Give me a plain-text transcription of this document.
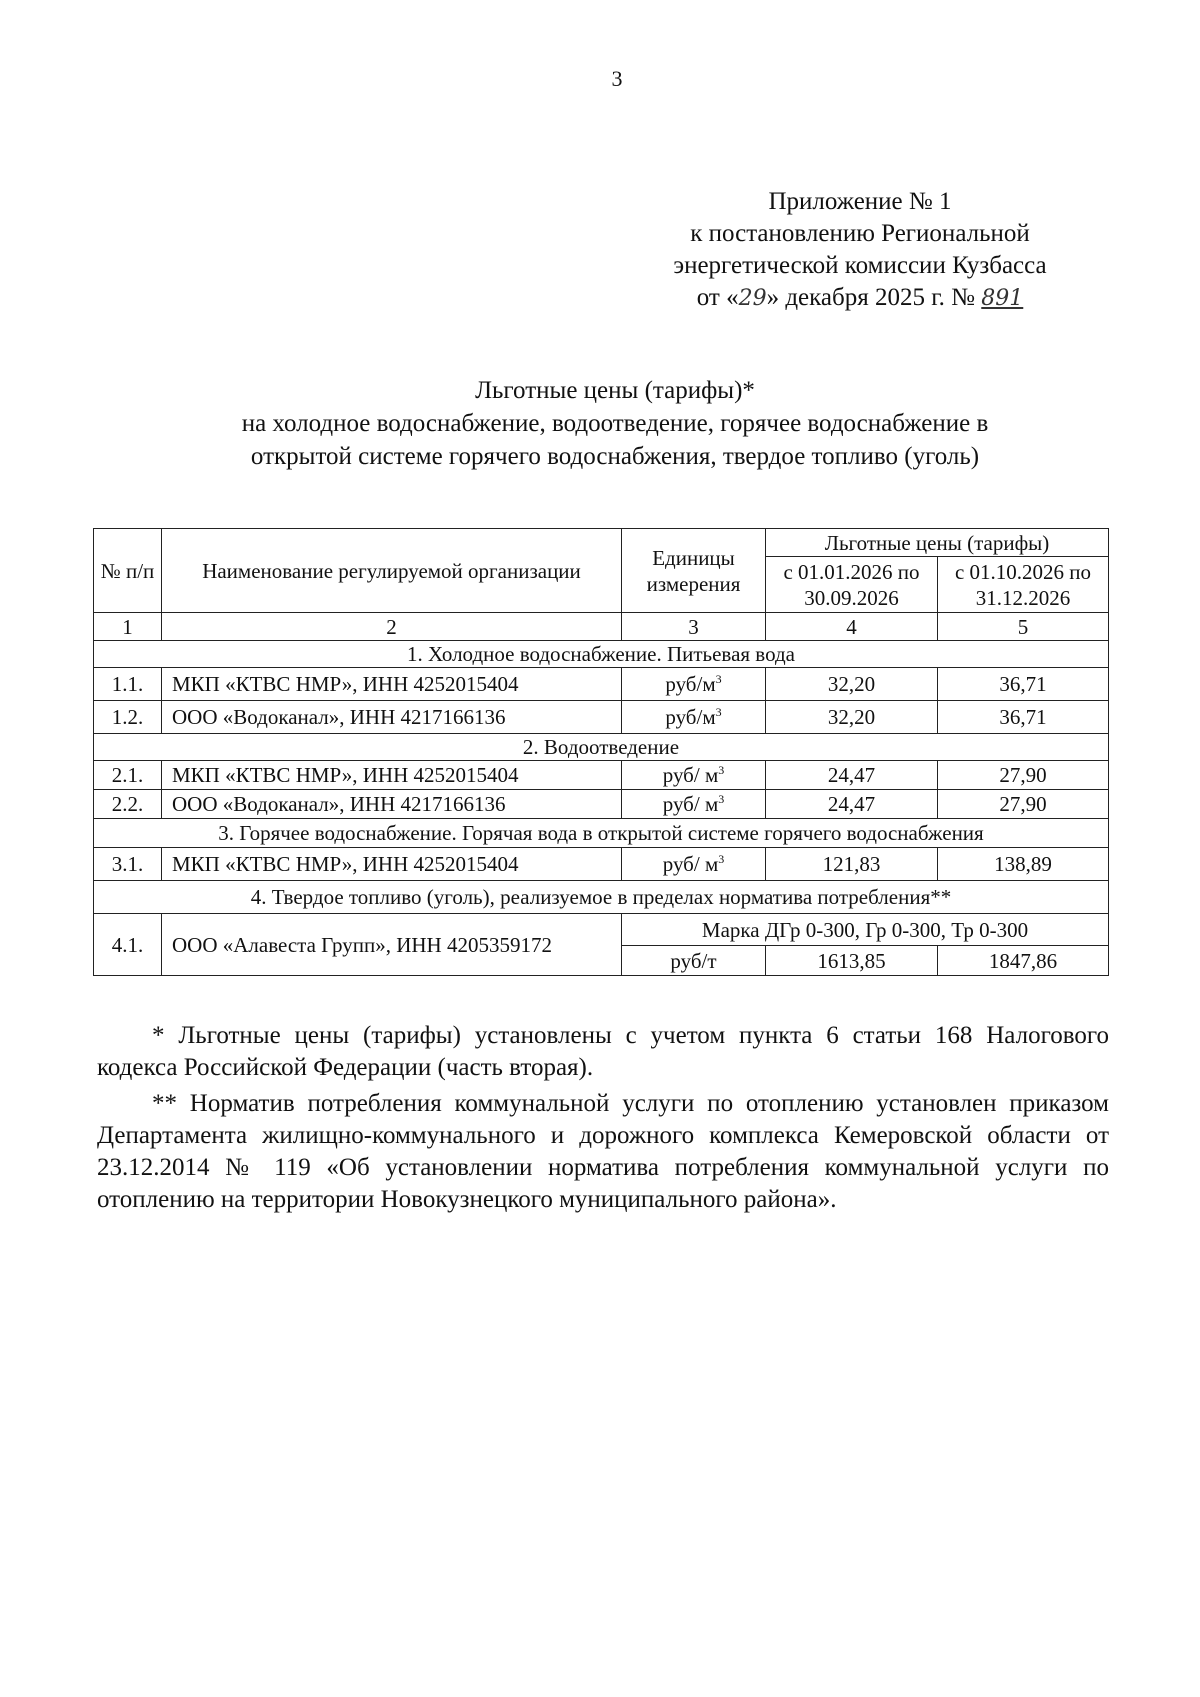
3
Приложение № 1
к постановлению Региональной
энергетической комиссии Кузбасса
от «29» декабря 2025 г. № 891
Льготные цены (тарифы)*
на холодное водоснабжение, водоотведение, горячее водоснабжение в
открытой системе горячего водоснабжения, твердое топливо (уголь)
№ п/п	Наименование регулируемой организации	Единицы измерения	Льготные цены (тарифы)	
			с 01.01.2026 по 30.09.2026	с 01.10.2026 по 31.12.2026
1	2	3	4	5
1. Холодное водоснабжение. Питьевая вода				
1.1.	МКП «КТВС НМР», ИНН 4252015404	руб/$м^3$	32,20	36,71
1.2.	ООО «Водоканал», ИНН 4217166136	руб/$м^3$	32,20	36,71
2. Водоотведение				
2.1.	МКП «КТВС НМР», ИНН 4252015404	руб/ $м^3$	24,47	27,90
2.2.	ООО «Водоканал», ИНН 4217166136	руб/ $м^3$	24,47	27,90
3. Горячее водоснабжение. Горячая вода в открытой системе горячего водоснабжения				
3.1.	МКП «КТВС НМР», ИНН 4252015404	руб/ $м^3$	121,83	138,89
4. Твердое топливо (уголь), реализуемое в пределах норматива потребления**				
4.1.	ООО «Алавеста Групп», ИНН 4205359172	Марка ДГр 0-300, Гр 0-300, Тр 0-300		
		руб/т	1613,85	1847,86

* Льготные цены (тарифы) установлены с учетом пункта 6 статьи 168 Налогового кодекса Российской Федерации (часть вторая).

** Норматив потребления коммунальной услуги по отоплению установлен приказом Департамента жилищно-коммунального и дорожного комплекса Кемеровской области от 23.12.2014 № 119 «Об установлении норматива потребления коммунальной услуги по отоплению на территории Новокузнецкого муниципального района».
